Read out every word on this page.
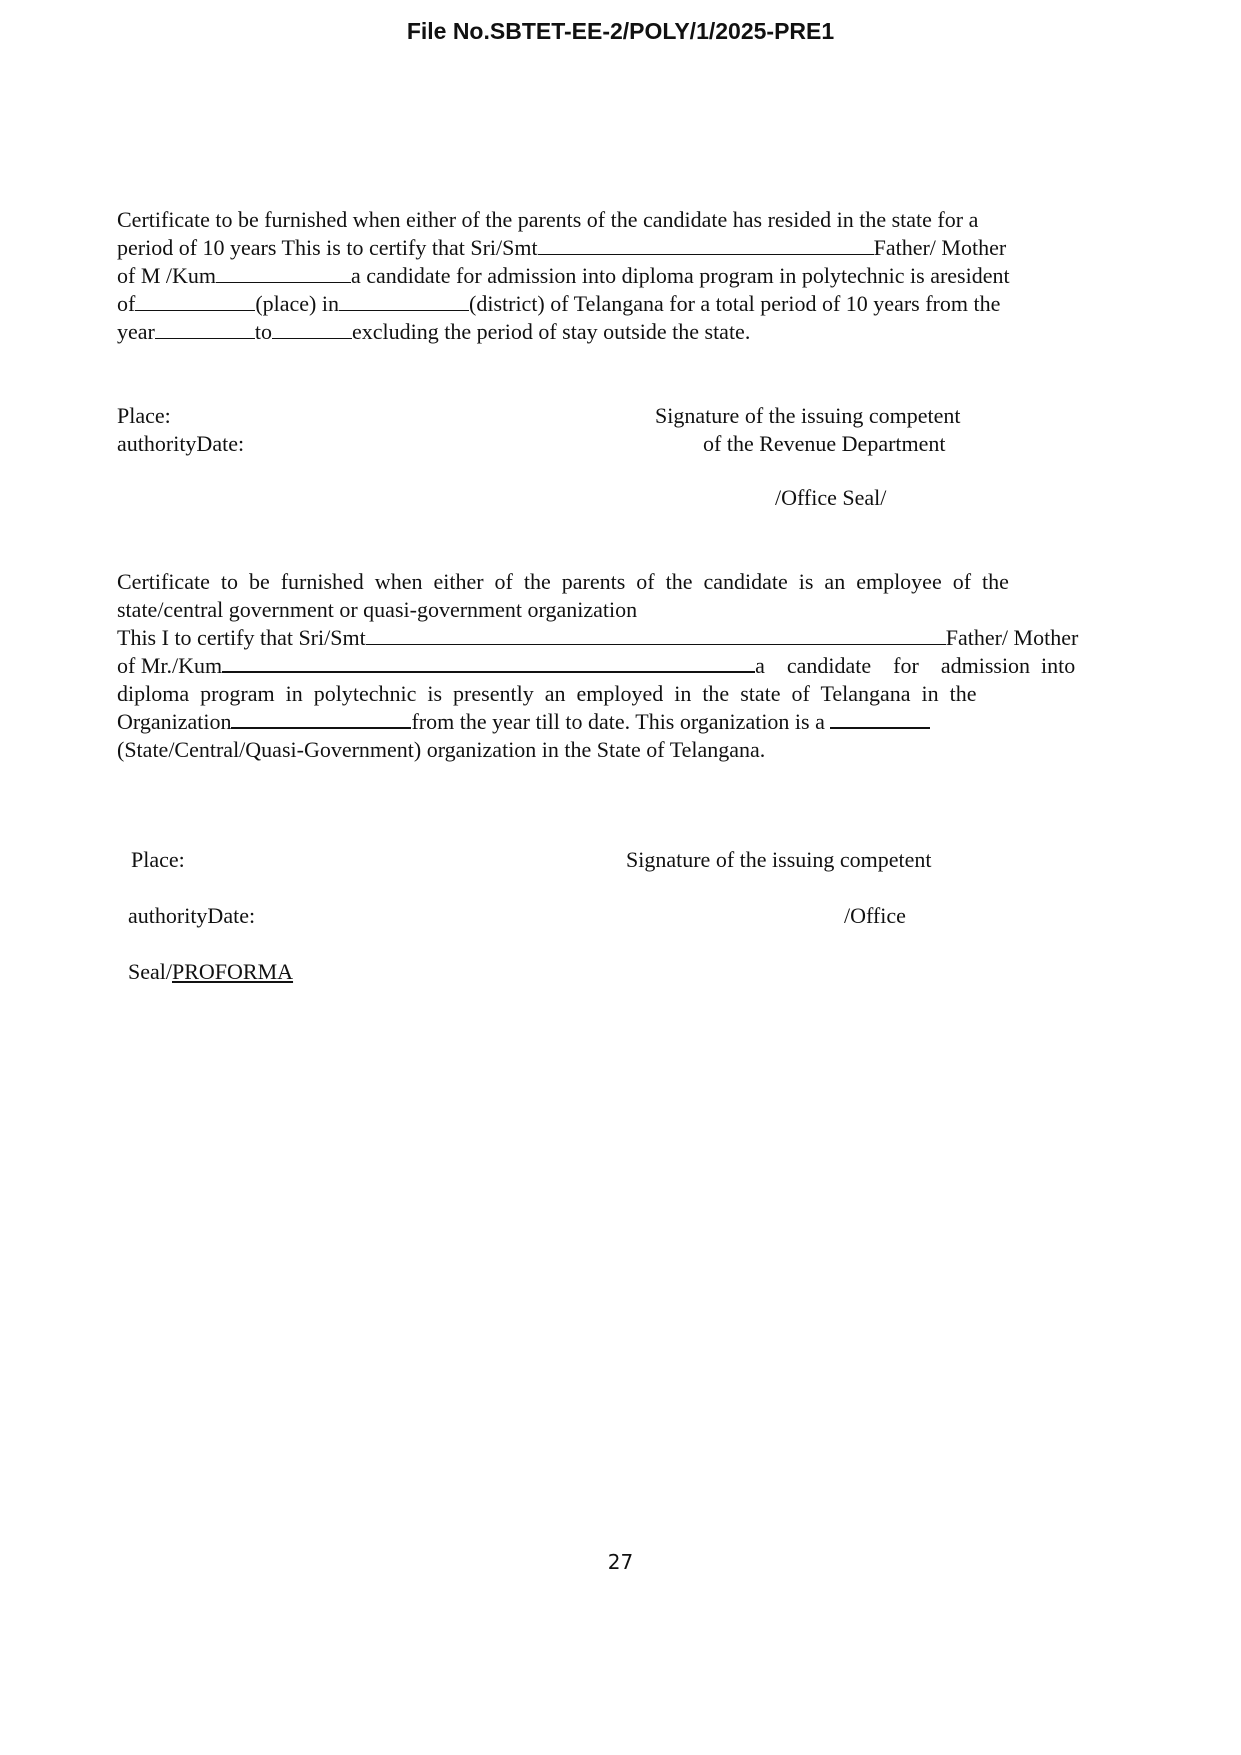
File No.SBTET-EE-2/POLY/1/2025-PRE1
Certificate to be furnished when either of the parents of the candidate has resided in the state for a
period of 10 years This is to certify that Sri/Smt	Father/ Mother
of M /Kum	a candidate for admission into diploma program in polytechnic is aresident
of	(place) in	(district) of Telangana for a total period of 10 years from the
year	to	excluding the period of stay outside the state.
Place:
authorityDate:
Signature of the issuing competent
of the Revenue Department
/Office Seal/
Certificate  to  be  furnished  when  either  of  the  parents  of  the  candidate  is  an  employee  of  the
state/central government or quasi-government organization
This I to certify that Sri/Smt	Father/ Mother
of Mr./Kum	a    candidate    for    admission  into
diploma  program  in  polytechnic  is  presently  an  employed  in  the  state  of  Telangana  in  the
Organization	from the year till to date. This organization is a
(State/Central/Quasi-Government) organization in the State of Telangana.
Place:	Signature of the issuing competent
authorityDate:	/Office
Seal/PROFORMA
27
